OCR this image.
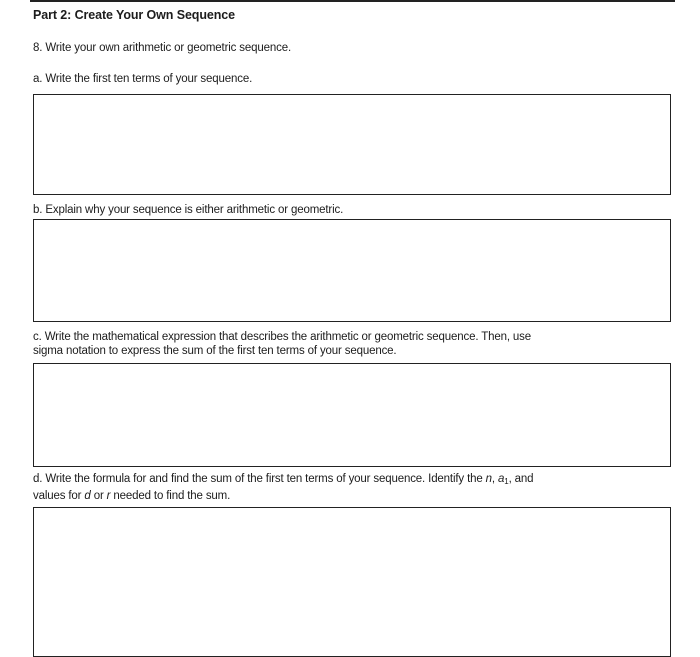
Part 2: Create Your Own Sequence
8. Write your own arithmetic or geometric sequence.
a. Write the first ten terms of your sequence.
b. Explain why your sequence is either arithmetic or geometric.
c. Write the mathematical expression that describes the arithmetic or geometric sequence. Then, use
sigma notation to express the sum of the first ten terms of your sequence.
d. Write the formula for and find the sum of the first ten terms of your sequence. Identify the n, $a_1$, and
values for d or r needed to find the sum.
